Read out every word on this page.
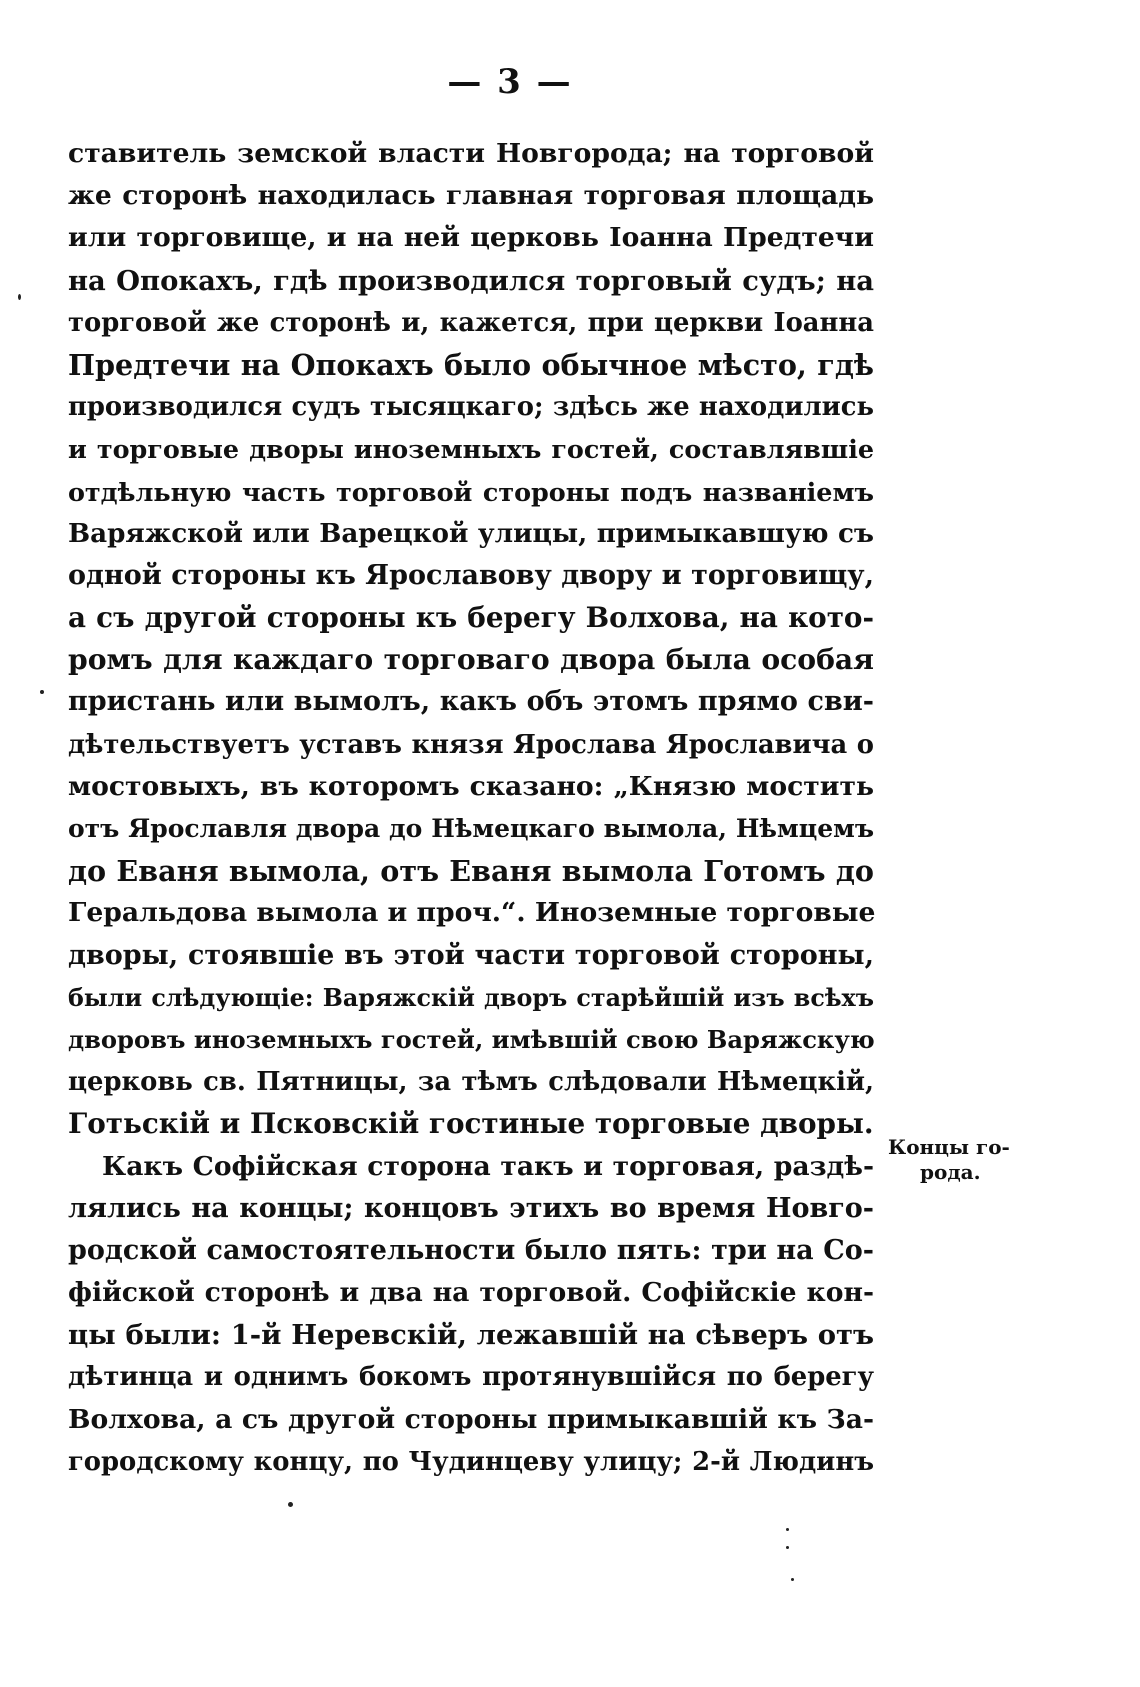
— 3 —
ставитель земской власти Новгорода; на торговой
же сторонѣ находилась главная торговая площадь
или торговище, и на ней церковь Іоанна Предтечи
на Опокахъ, гдѣ производился торговый судъ; на
торговой же сторонѣ и, кажется, при церкви Іоанна
Предтечи на Опокахъ было обычное мѣсто, гдѣ
производился судъ тысяцкаго; здѣсь же находились
и торговые дворы иноземныхъ гостей, составлявшіе
отдѣльную часть торговой стороны подъ названіемъ
Варяжской или Варецкой улицы, примыкавшую съ
одной стороны къ Ярославову двору и торговищу,
а съ другой стороны къ берегу Волхова, на кото-
ромъ для каждаго торговаго двора была особая
пристань или вымолъ, какъ объ этомъ прямо сви-
дѣтельствуетъ уставъ князя Ярослава Ярославича о
мостовыхъ, въ которомъ сказано: „Князю мостить
отъ Ярославля двора до Нѣмецкаго вымола, Нѣмцемъ
до Еваня вымола, отъ Еваня вымола Готомъ до
Геральдова вымола и проч.“. Иноземные торговые
дворы, стоявшіе въ этой части торговой стороны,
были слѣдующіе: Варяжскій дворъ старѣйшій изъ всѣхъ
дворовъ иноземныхъ гостей, имѣвшій свою Варяжскую
церковь св. Пятницы, за тѣмъ слѣдовали Нѣмецкій,
Готьскій и Псковскій гостиные торговые дворы.
Какъ Софійская сторона такъ и торговая, раздѣ-
лялись на концы; концовъ этихъ во время Новго-
родской самостоятельности было пять: три на Со-
фійской сторонѣ и два на торговой. Софійскіе кон-
цы были: 1-й Неревскій, лежавшій на сѣверъ отъ
дѣтинца и однимъ бокомъ протянувшійся по берегу
Волхова, а съ другой стороны примыкавшій къ За-
городскому концу, по Чудинцеву улицу; 2-й Людинъ
Концы го-
рода.
